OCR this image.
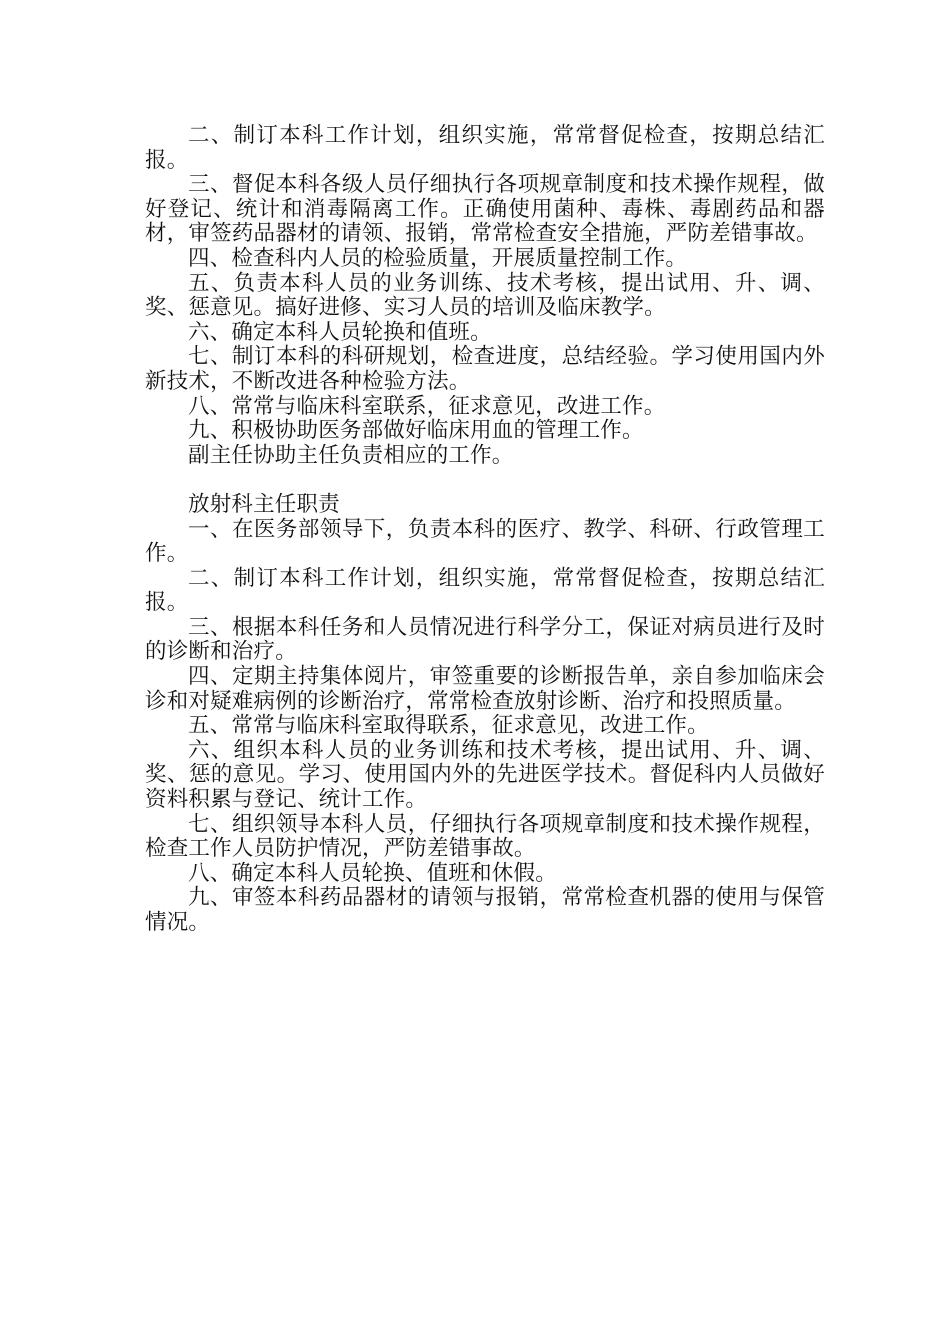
二、制订本科工作计划，组织实施，常常督促检查，按期总结汇报。

三、督促本科各级人员仔细执行各项规章制度和技术操作规程，做好登记、统计和消毒隔离工作。正确使用菌种、毒株、毒剧药品和器材，审签药品器材的请领、报销，常常检查安全措施，严防差错事故。

四、检查科内人员的检验质量，开展质量控制工作。

五、负责本科人员的业务训练、技术考核，提出试用、升、调、奖、惩意见。搞好进修、实习人员的培训及临床教学。

六、确定本科人员轮换和值班。

七、制订本科的科研规划，检查进度，总结经验。学习使用国内外新技术，不断改进各种检验方法。

八、常常与临床科室联系，征求意见，改进工作。

九、积极协助医务部做好临床用血的管理工作。

副主任协助主任负责相应的工作。

放射科主任职责

一、在医务部领导下，负责本科的医疗、教学、科研、行政管理工作。

二、制订本科工作计划，组织实施，常常督促检查，按期总结汇报。

三、根据本科任务和人员情况进行科学分工，保证对病员进行及时的诊断和治疗。

四、定期主持集体阅片，审签重要的诊断报告单，亲自参加临床会诊和对疑难病例的诊断治疗，常常检查放射诊断、治疗和投照质量。

五、常常与临床科室取得联系，征求意见，改进工作。

六、组织本科人员的业务训练和技术考核，提出试用、升、调、奖、惩的意见。学习、使用国内外的先进医学技术。督促科内人员做好资料积累与登记、统计工作。

七、组织领导本科人员，仔细执行各项规章制度和技术操作规程，检查工作人员防护情况，严防差错事故。

八、确定本科人员轮换、值班和休假。

九、审签本科药品器材的请领与报销，常常检查机器的使用与保管情况。
